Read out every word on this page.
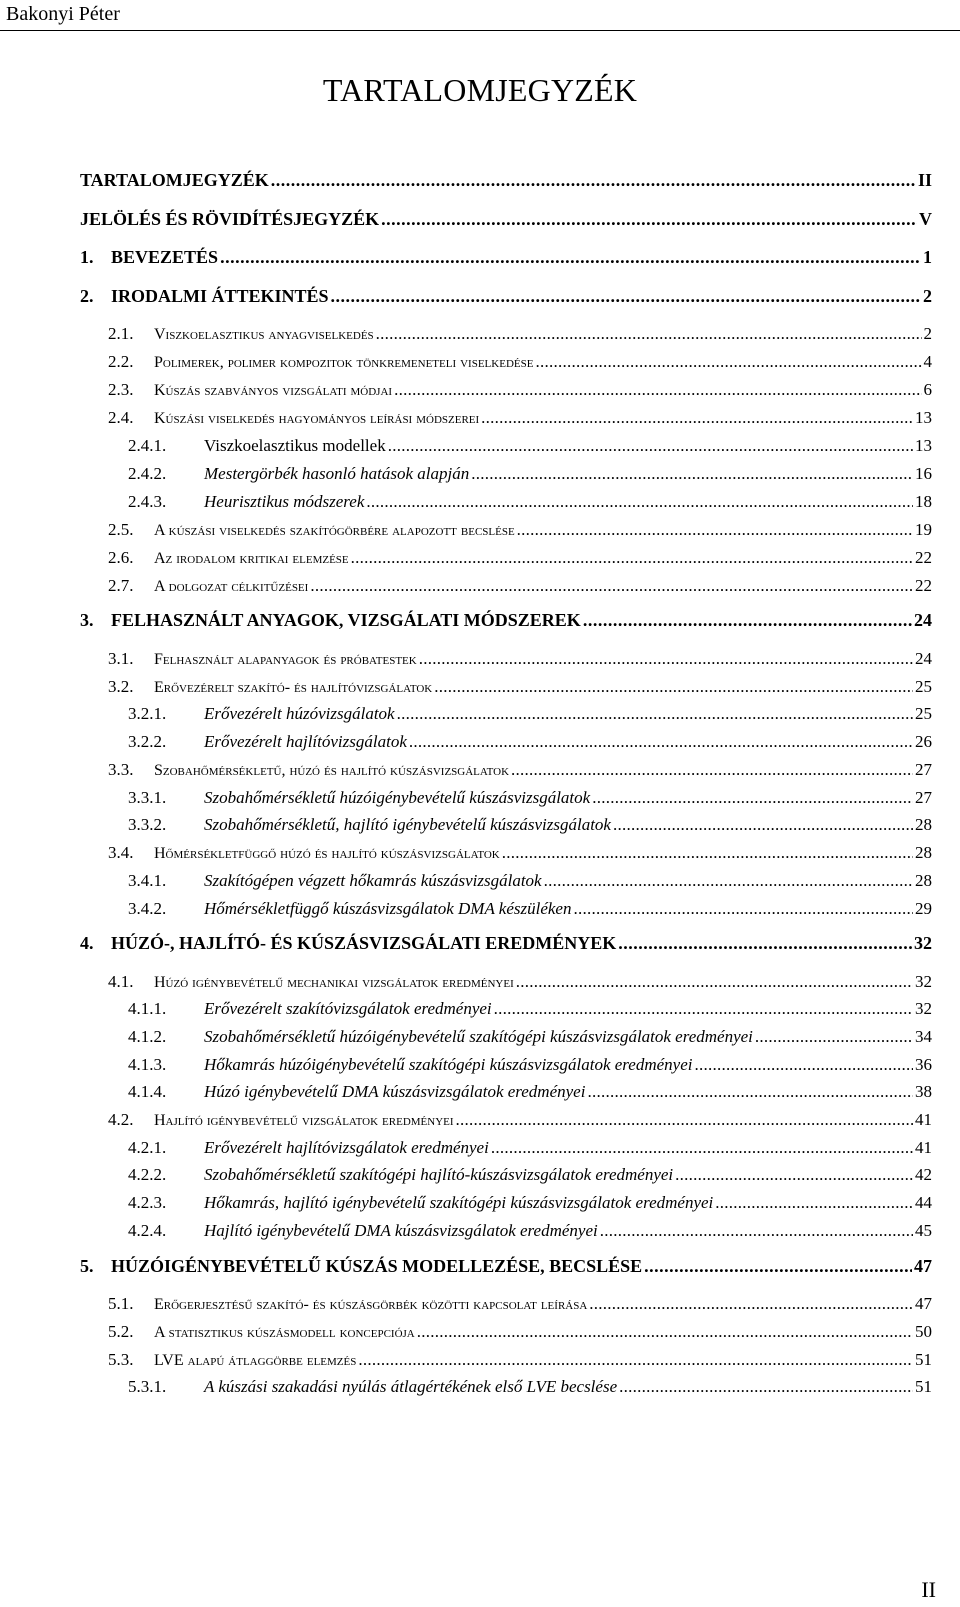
Bakonyi Péter
TARTALOMJEGYZÉK
TARTALOMJEGYZÉK . . .	II
JELÖLÉS ÉS RÖVIDÍTÉSJEGYZÉK . . .	V
1. BEVEZETÉS . . .	1
2. IRODALMI ÁTTEKINTÉS . . .	2
2.1.	Viszkoelasztikus anyagviselkedés . . .	2
2.2.	Polimerek, polimer kompozitok tönkremeneteli viselkedése . . .	4
2.3.	Kúszás szabványos vizsgálati módjai . . .	6
2.4.	Kúszási viselkedés hagyományos leírási módszerei . . .	13
2.4.1.	Viszkoelasztikus modellek . . .	13
2.4.2.	Mestergörbék hasonló hatások alapján . . .	16
2.4.3.	Heurisztikus módszerek . . .	18
2.5.	A kúszási viselkedés szakítógörbére alapozott becslése . . .	19
2.6.	Az irodalom kritikai elemzése . . .	22
2.7.	A dolgozat célkitűzései . . .	22
3. FELHASZNÁLT ANYAGOK, VIZSGÁLATI MÓDSZEREK . . .	24
3.1.	Felhasznált alapanyagok és próbatestek . . .	24
3.2.	Erővezérelt szakító- és hajlítóvizsgálatok . . .	25
3.2.1.	Erővezérelt húzóvizsgálatok . . .	25
3.2.2.	Erővezérelt hajlítóvizsgálatok . . .	26
3.3.	Szobahőmérsékletű, húzó és hajlító kúszásvizsgálatok . . .	27
3.3.1.	Szobahőmérsékletű húzóigénybevételű kúszásvizsgálatok . . .	27
3.3.2.	Szobahőmérsékletű, hajlító igénybevételű kúszásvizsgálatok . . .	28
3.4.	Hőmérsékletfüggő húzó és hajlító kúszásvizsgálatok . . .	28
3.4.1.	Szakítógépen végzett hőkamrás kúszásvizsgálatok . . .	28
3.4.2.	Hőmérsékletfüggő kúszásvizsgálatok DMA készüléken . . .	29
4. HÚZÓ-, HAJLÍTÓ- ÉS KÚSZÁSVIZSGÁLATI EREDMÉNYEK . . .	32
4.1.	Húzó igénybevételű mechanikai vizsgálatok eredményei . . .	32
4.1.1.	Erővezérelt szakítóvizsgálatok eredményei . . .	32
4.1.2.	Szobahőmérsékletű húzóigénybevételű szakítógépi kúszásvizsgálatok eredményei . . .	34
4.1.3.	Hőkamrás húzóigénybevételű szakítógépi kúszásvizsgálatok eredményei . . .	36
4.1.4.	Húzó igénybevételű DMA kúszásvizsgálatok eredményei . . .	38
4.2.	Hajlító igénybevételű vizsgálatok eredményei . . .	41
4.2.1.	Erővezérelt hajlítóvizsgálatok eredményei . . .	41
4.2.2.	Szobahőmérsékletű szakítógépi hajlító-kúszásvizsgálatok eredményei . . .	42
4.2.3.	Hőkamrás, hajlító igénybevételű szakítógépi kúszásvizsgálatok eredményei . . .	44
4.2.4.	Hajlító igénybevételű DMA kúszásvizsgálatok eredményei . . .	45
5. HÚZÓIGÉNYBEVÉTELŰ KÚSZÁS MODELLEZÉSE, BECSLÉSE . . .	47
5.1.	Erőgerjesztésű szakító- és kúszásgörbék közötti kapcsolat leírása . . .	47
5.2.	A statisztikus kúszásmodell koncepciója . . .	50
5.3.	LVE alapú átlaggörbe elemzés . . .	51
5.3.1.	A kúszási szakadási nyúlás átlagértékének első LVE becslése . . .	51
II
